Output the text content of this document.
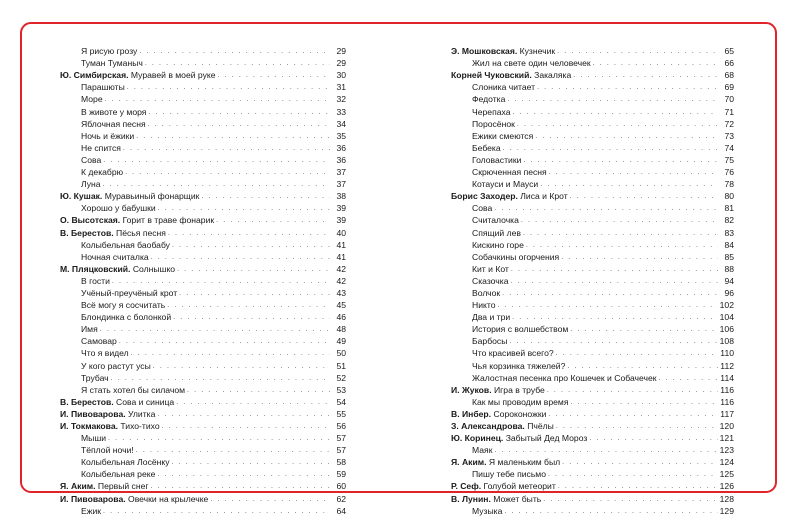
Я рисую грозу . . .	29
Туман Туманыч . . .	29
Ю. Симбирская. Муравей в моей руке . . .	30
Парашюты . . .	31
Море . . .	32
В животе у моря . . .	33
Яблочная песня . . .	34
Ночь и ёжики . . .	35
Не спится . . .	36
Сова . . .	36
К декабрю . . .	37
Луна . . .	37
Ю. Кушак. Муравьиный фонарщик . . .	38
Хорошо у бабушки . . .	39
О. Высотская. Горит в траве фонарик . . .	39
В. Берестов. Пёсья песня . . .	40
Колыбельная баобабу . . .	41
Ночная считалка . . .	41
М. Пляцковский. Солнышко . . .	42
В гости . . .	42
Учёный-преучёный крот . . .	43
Всё могу я сосчитать . . .	45
Блондинка с болонкой . . .	46
Имя . . .	48
Самовар . . .	49
Что я видел . . .	50
У кого растут усы . . .	51
Трубач . . .	52
Я стать хотел бы силачом . . .	53
В. Берестов. Сова и синица . . .	54
И. Пивоварова. Улитка . . .	55
И. Токмакова. Тихо-тихо . . .	56
Мыши . . .	57
Тёплой ночи! . . .	57
Колыбельная Лосёнку . . .	58
Колыбельная реке . . .	59
Я. Аким. Первый снег . . .	60
И. Пивоварова. Овечки на крылечке . . .	62
Ежик . . .	64
Э. Мошковская. Кузнечик . . .	65
Жил на свете один человечек . . .	66
Корней Чуковский. Закаляка . . .	68
Слоника читает . . .	69
Федотка . . .	70
Черепаха . . .	71
Поросёнок . . .	72
Ежики смеются . . .	73
Бебека . . .	74
Головастики . . .	75
Скрюченная песня . . .	76
Котауси и Мауси . . .	78
Борис Заходер. Лиса и Крот . . .	80
Сова . . .	81
Считалочка . . .	82
Спящий лев . . .	83
Кискино горе . . .	84
Собачкины огорчения . . .	85
Кит и Кот . . .	88
Сказочка . . .	94
Волчок . . .	96
Никто . . .	102
Два и три . . .	104
История с волшебством . . .	106
Барбосы . . .	108
Что красивей всего? . . .	110
Чья корзинка тяжелей? . . .	112
Жалостная песенка про Кошечек и Собачечек . . .	114
И. Жуков. Игра в трубе . . .	116
Как мы проводим время . . .	116
В. Инбер. Сороконожки . . .	117
З. Александрова. Пчёлы . . .	120
Ю. Коринец. Забытый Дед Мороз . . .	121
Маяк . . .	123
Я. Аким. Я маленьким был . . .	124
Пишу тебе письмо . . .	125
Р. Сеф. Голубой метеорит . . .	126
В. Лунин. Может быть . . .	128
Музыка . . .	129
